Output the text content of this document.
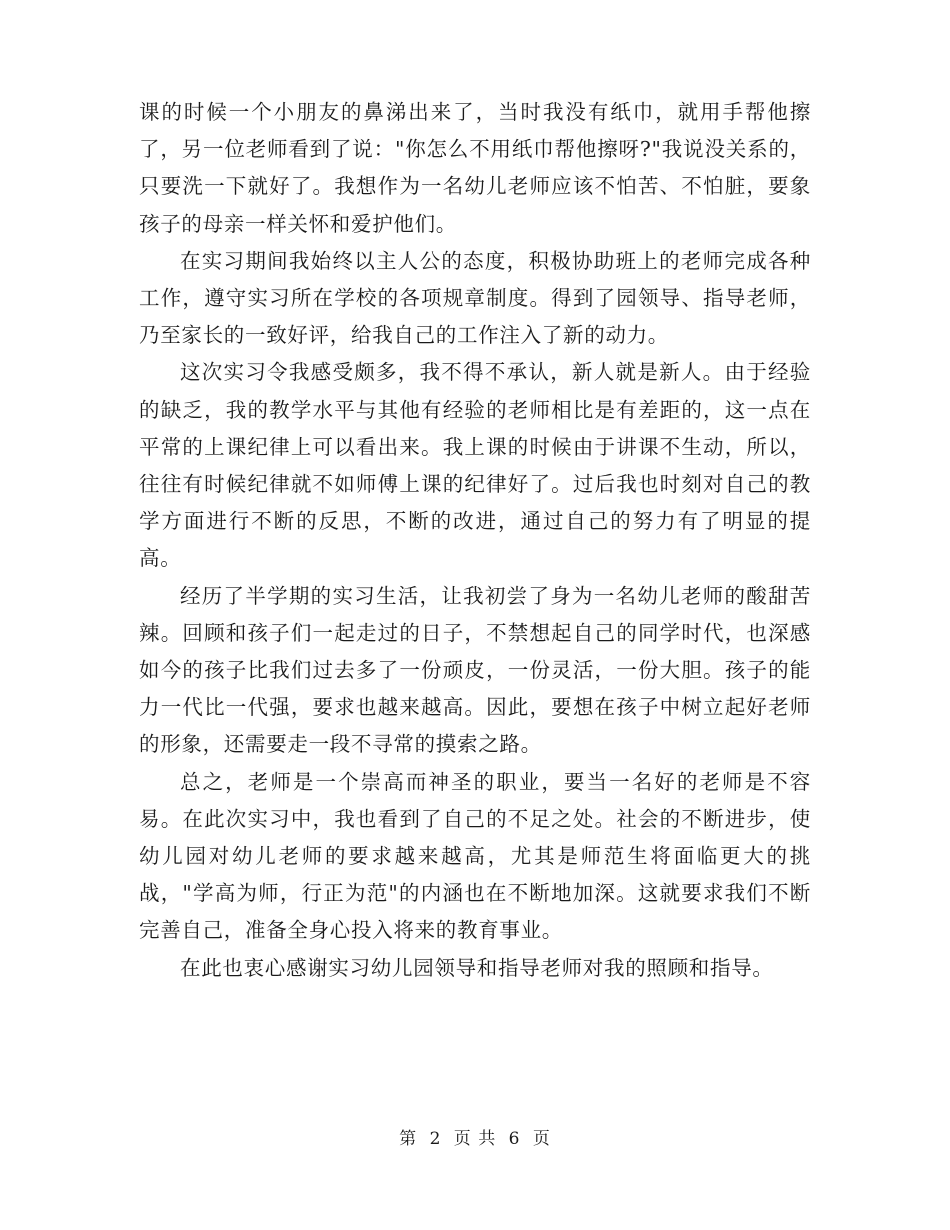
课的时候一个小朋友的鼻涕出来了，当时我没有纸巾，就用手帮他擦了，另一位老师看到了说："你怎么不用纸巾帮他擦呀?"我说没关系的，只要洗一下就好了。我想作为一名幼儿老师应该不怕苦、不怕脏，要象孩子的母亲一样关怀和爱护他们。

在实习期间我始终以主人公的态度，积极协助班上的老师完成各种工作，遵守实习所在学校的各项规章制度。得到了园领导、指导老师，乃至家长的一致好评，给我自己的工作注入了新的动力。

这次实习令我感受颇多，我不得不承认，新人就是新人。由于经验的缺乏，我的教学水平与其他有经验的老师相比是有差距的，这一点在平常的上课纪律上可以看出来。我上课的时候由于讲课不生动，所以，往往有时候纪律就不如师傅上课的纪律好了。过后我也时刻对自己的教学方面进行不断的反思，不断的改进，通过自己的努力有了明显的提高。

经历了半学期的实习生活，让我初尝了身为一名幼儿老师的酸甜苦辣。回顾和孩子们一起走过的日子，不禁想起自己的同学时代，也深感如今的孩子比我们过去多了一份顽皮，一份灵活，一份大胆。孩子的能力一代比一代强，要求也越来越高。因此，要想在孩子中树立起好老师的形象，还需要走一段不寻常的摸索之路。

总之，老师是一个崇高而神圣的职业，要当一名好的老师是不容易。在此次实习中，我也看到了自己的不足之处。社会的不断进步，使幼儿园对幼儿老师的要求越来越高，尤其是师范生将面临更大的挑战，"学高为师，行正为范"的内涵也在不断地加深。这就要求我们不断完善自己，准备全身心投入将来的教育事业。

在此也衷心感谢实习幼儿园领导和指导老师对我的照顾和指导。

第 2 页 共 6 页
